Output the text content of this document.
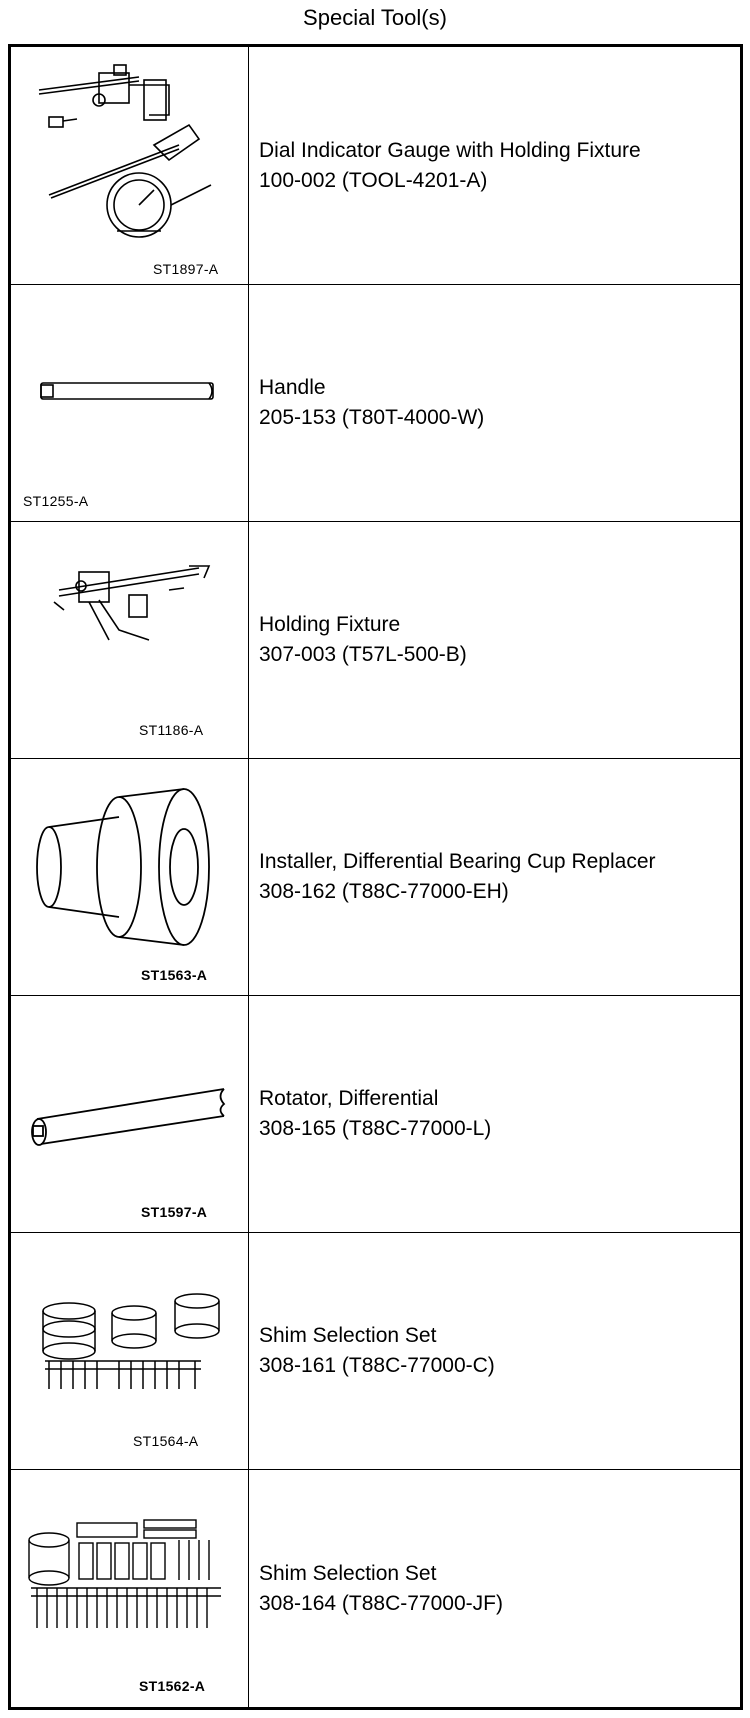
Special Tool(s)
ST1897-A
Dial Indicator Gauge with Holding Fixture
100-002 (TOOL-4201-A)
ST1255-A
Handle
205-153 (T80T-4000-W)
ST1186-A
Holding Fixture
307-003 (T57L-500-B)
ST1563-A
Installer, Differential Bearing Cup Replacer
308-162 (T88C-77000-EH)
ST1597-A
Rotator, Differential
308-165 (T88C-77000-L)
ST1564-A
Shim Selection Set
308-161 (T88C-77000-C)
ST1562-A
Shim Selection Set
308-164 (T88C-77000-JF)
